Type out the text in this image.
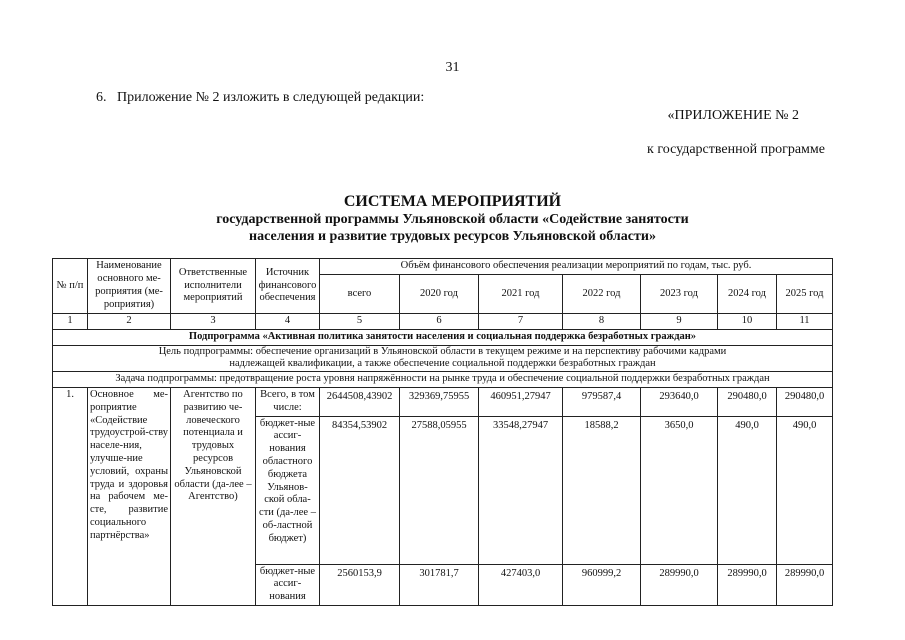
31
6.   Приложение № 2 изложить в следующей редакции:
«ПРИЛОЖЕНИЕ № 2
к государственной программе
СИСТЕМА МЕРОПРИЯТИЙ
государственной программы Ульяновской области «Содействие занятости
населения и развитие трудовых ресурсов Ульяновской области»
№ п/п	Наименование основного ме-роприятия (ме-роприятия)	Ответственные исполнители мероприятий	Источник финансового обеспечения	Объём финансового обеспечения реализации мероприятий по годам, тыс. руб.						
				всего	2020 год	2021 год	2022 год	2023 год	2024 год	2025 год
1	2	3	4	5	6	7	8	9	10	11
Подпрограмма «Активная политика занятости населения и социальная поддержка безработных граждан»										
Цель подпрограммы: обеспечение организаций в Ульяновской области в текущем режиме и на перспективу рабочими кадрами надлежащей квалификации, а также обеспечение социальной поддержки безработных граждан										
Задача подпрограммы: предотвращение роста уровня напряжённости на рынке труда и обеспечение социальной поддержки безработных граждан										
1.	Основное ме-роприятие «Содействие трудоустрой-ству населе-ния, улучше-ние условий, охраны труда и здоровья на рабочем ме-сте, развитие социального партнёрства»	Агентство по развитию че-ловеческого потенциала и трудовых ресурсов Ульяновской области (да-лее – Агентство)	Всего, в том числе:	2644508,43902	329369,75955	460951,27947	979587,4	293640,0	290480,0	290480,0
			бюджет-ные ассиг-нования областного бюджета Ульянов-ской обла-сти (да-лее – об-ластной бюджет)	84354,53902	27588,05955	33548,27947	18588,2	3650,0	490,0	490,0
			бюджет-ные ассиг-нования	2560153,9	301781,7	427403,0	960999,2	289990,0	289990,0	289990,0
